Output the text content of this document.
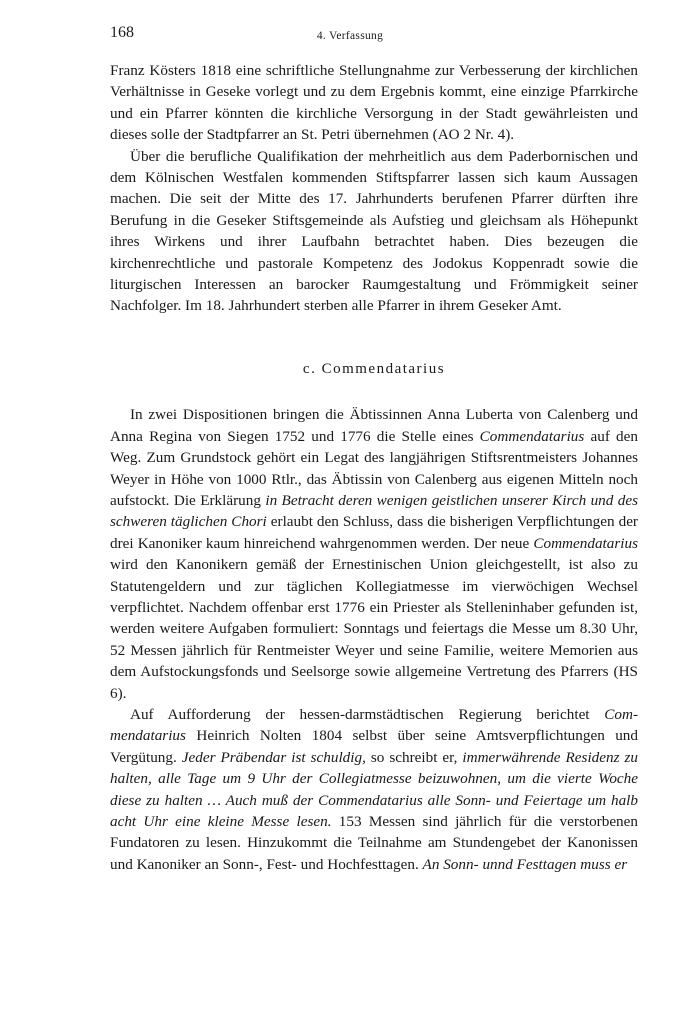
168	4. Verfassung

Franz Kösters 1818 eine schriftliche Stellungnahme zur Verbesserung der kirchlichen Verhältnisse in Geseke vorlegt und zu dem Ergebnis kommt, eine einzige Pfarrkirche und ein Pfarrer könnten die kirchliche Versorgung in der Stadt gewährleisten und dieses solle der Stadtpfarrer an St. Petri übernehmen (AO 2 Nr. 4).

Über die berufliche Qualifikation der mehrheitlich aus dem Paderbornischen und dem Kölnischen Westfalen kommenden Stiftspfarrer lassen sich kaum Aussagen machen. Die seit der Mitte des 17. Jahrhunderts berufenen Pfarrer dürften ihre Berufung in die Geseker Stiftsgemeinde als Aufstieg und gleichsam als Höhepunkt ihres Wirkens und ihrer Laufbahn betrachtet haben. Dies bezeugen die kirchenrechtliche und pastorale Kompetenz des Jodokus Koppenradt sowie die liturgischen Interessen an barocker Raumgestaltung und Frömmigkeit seiner Nachfolger. Im 18. Jahrhundert sterben alle Pfarrer in ihrem Geseker Amt.

c. Commendatarius

In zwei Dispositionen bringen die Äbtissinnen Anna Luberta von Calenberg und Anna Regina von Siegen 1752 und 1776 die Stelle eines Commendatarius auf den Weg. Zum Grundstock gehört ein Legat des langjährigen Stiftsrentmeisters Johannes Weyer in Höhe von 1000 Rtlr., das Äbtissin von Calenberg aus eigenen Mitteln noch aufstockt. Die Erklärung in Betracht deren wenigen geistlichen unserer Kirch und des schweren täglichen Chori erlaubt den Schluss, dass die bisherigen Verpflichtungen der drei Kanoniker kaum hinreichend wahrgenommen werden. Der neue Commendatarius wird den Kanonikern gemäß der Ernestinischen Union gleichgestellt, ist also zu Statutengeldern und zur täglichen Kollegiatmesse im vierwöchigen Wechsel verpflichtet. Nachdem offenbar erst 1776 ein Priester als Stelleninhaber gefunden ist, werden weitere Aufgaben formuliert: Sonntags und feiertags die Messe um 8.30 Uhr, 52 Messen jährlich für Rentmeister Weyer und seine Familie, weitere Memorien aus dem Aufstockungsfonds und Seelsorge sowie allgemeine Vertretung des Pfarrers (HS 6).

Auf Aufforderung der hessen-darmstädtischen Regierung berichtet Commendatarius Heinrich Nolten 1804 selbst über seine Amtsverpflichtungen und Vergütung. Jeder Präbendar ist schuldig, so schreibt er, immerwährende Residenz zu halten, alle Tage um 9 Uhr der Collegiatmesse beizuwohnen, um die vierte Woche diese zu halten … Auch muß der Commendatarius alle Sonn- und Feiertage um halb acht Uhr eine kleine Messe lesen. 153 Messen sind jährlich für die verstorbenen Fundatoren zu lesen. Hinzukommt die Teilnahme am Stundengebet der Kanonissen und Kanoniker an Sonn-, Fest- und Hochfesttagen. An Sonn- unnd Festtagen muss er
